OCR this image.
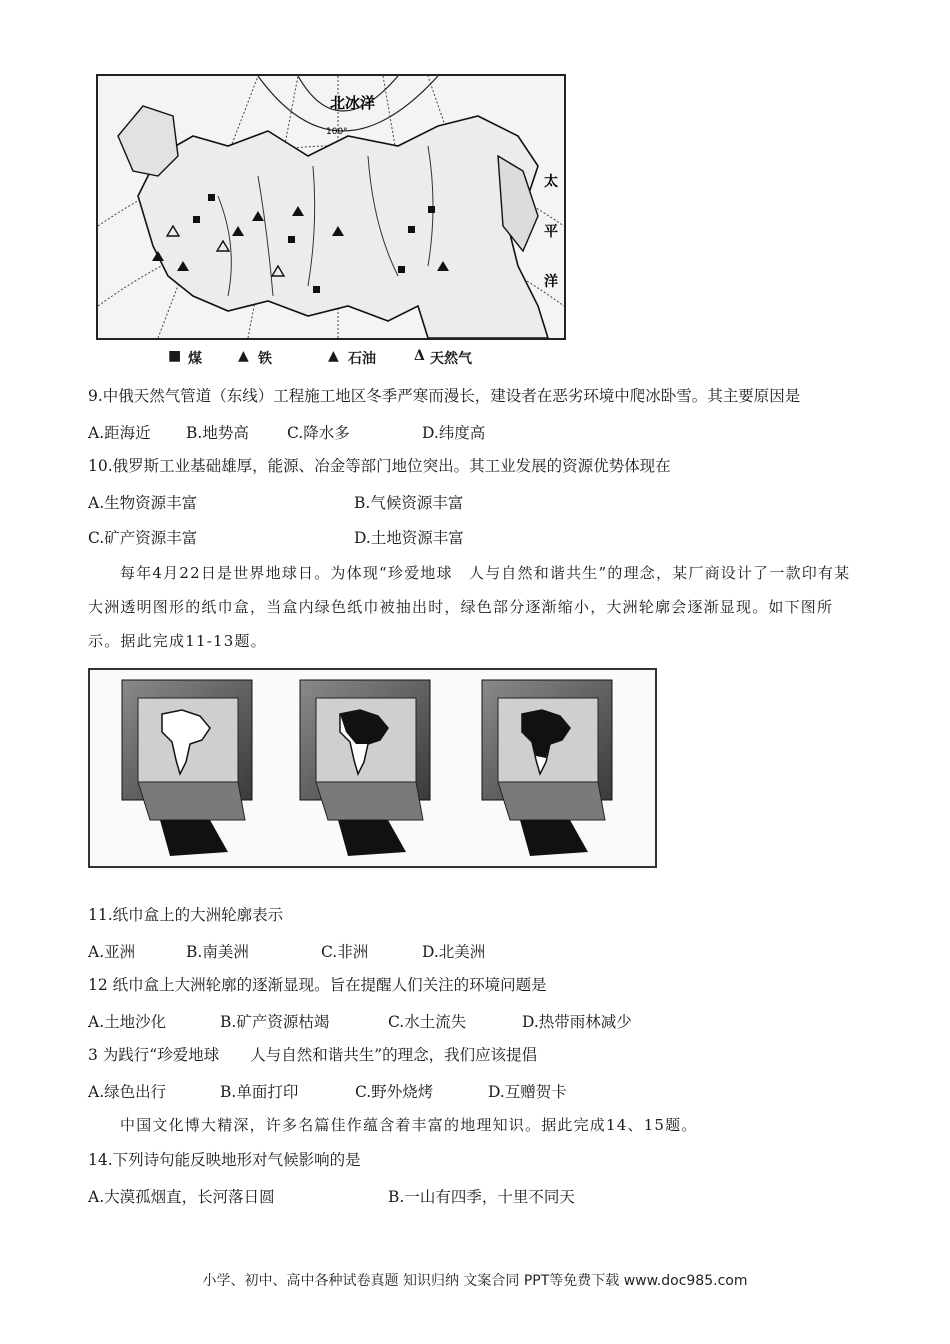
北冰洋
100°
太
平
洋
■ 煤	▲ 铁	▲ 石油	Δ 天然气
9.中俄天然气管道（东线）工程施工地区冬季严寒而漫长，建设者在恶劣环境中爬冰卧雪。其主要原因是
A.距海近 B.地势高 C.降水多	D.纬度高
10.俄罗斯工业基础雄厚，能源、冶金等部门地位突出。其工业发展的资源优势体现在
A.生物资源丰富	B.气候资源丰富
C.矿产资源丰富	D.土地资源丰富
每年4月22日是世界地球日。为体现“珍爱地球　人与自然和谐共生”的理念，某厂商设计了一款印有某大洲透明图形的纸巾盒，当盒内绿色纸巾被抽出时，绿色部分逐渐缩小，大洲轮廓会逐渐显现。如下图所示。据此完成11-13题。
11.纸巾盒上的大洲轮廓表示
A.亚洲	B.南美洲	C.非洲	D.北美洲
12 纸巾盒上大洲轮廓的逐渐显现。旨在提醒人们关注的环境问题是
A.土地沙化	B.矿产资源枯竭	C.水土流失	D.热带雨林减少
3 为践行“珍爱地球　　人与自然和谐共生”的理念，我们应该提倡
A.绿色出行	B.单面打印	C.野外烧烤	D.互赠贺卡
中国文化博大精深，许多名篇佳作蕴含着丰富的地理知识。据此完成14、15题。
14.下列诗句能反映地形对气候影响的是
A.大漠孤烟直，长河落日圆	B.一山有四季，十里不同天
小学、初中、高中各种试卷真题 知识归纳 文案合同 PPT等免费下载 www.doc985.com
